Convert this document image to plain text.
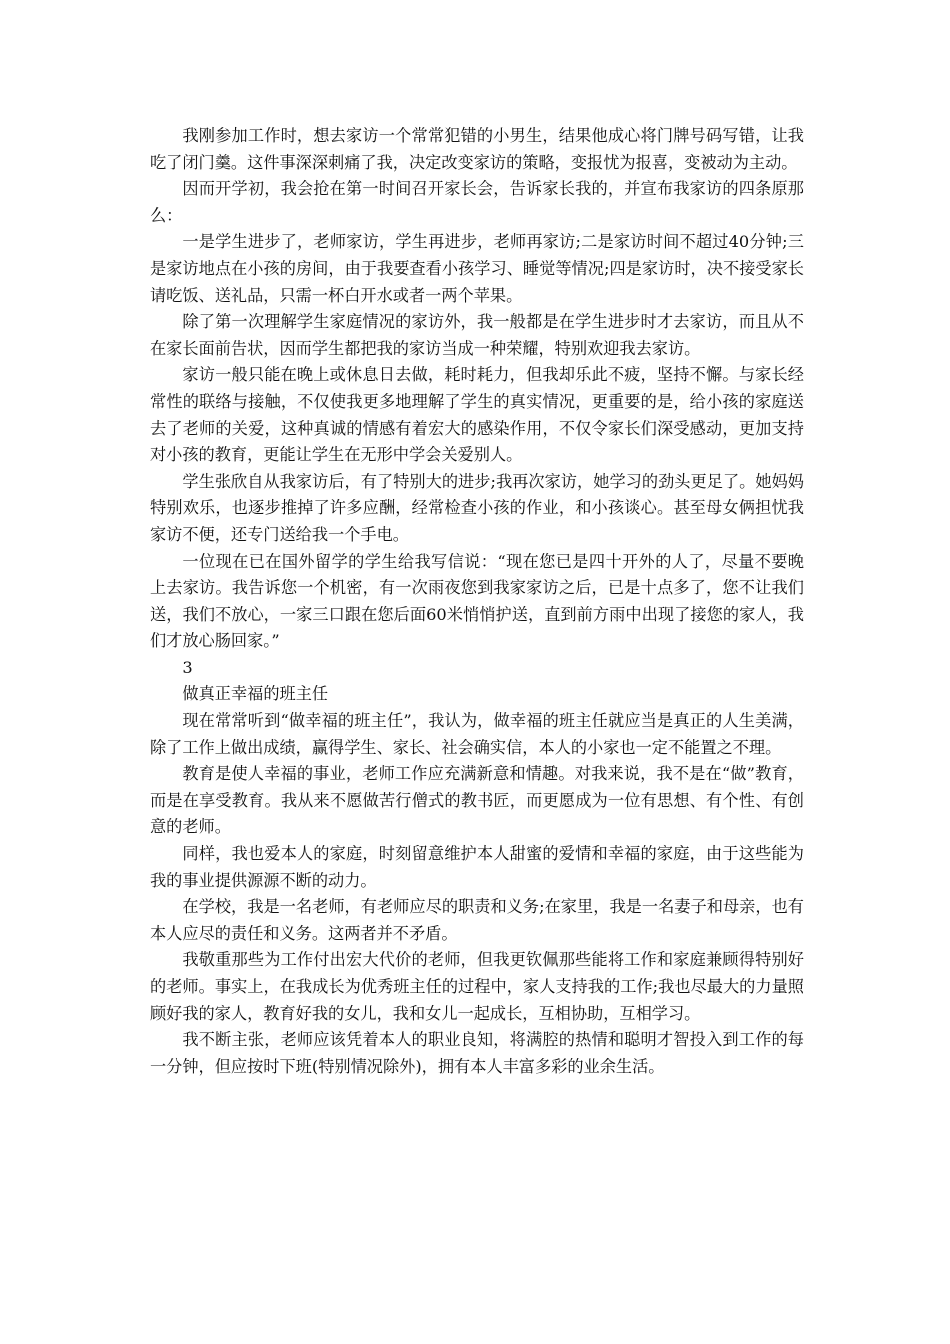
我刚参加工作时，想去家访一个常常犯错的小男生，结果他成心将门牌号码写错，让我吃了闭门羹。这件事深深刺痛了我，决定改变家访的策略，变报忧为报喜，变被动为主动。

因而开学初，我会抢在第一时间召开家长会，告诉家长我的，并宣布我家访的四条原那么：

一是学生进步了，老师家访，学生再进步，老师再家访;二是家访时间不超过40分钟;三是家访地点在小孩的房间，由于我要查看小孩学习、睡觉等情况;四是家访时，决不接受家长请吃饭、送礼品，只需一杯白开水或者一两个苹果。

除了第一次理解学生家庭情况的家访外，我一般都是在学生进步时才去家访，而且从不在家长面前告状，因而学生都把我的家访当成一种荣耀，特别欢迎我去家访。

家访一般只能在晚上或休息日去做，耗时耗力，但我却乐此不疲，坚持不懈。与家长经常性的联络与接触，不仅使我更多地理解了学生的真实情况，更重要的是，给小孩的家庭送去了老师的关爱，这种真诚的情感有着宏大的感染作用，不仅令家长们深受感动，更加支持对小孩的教育，更能让学生在无形中学会关爱别人。

学生张欣自从我家访后，有了特别大的进步;我再次家访，她学习的劲头更足了。她妈妈特别欢乐，也逐步推掉了许多应酬，经常检查小孩的作业，和小孩谈心。甚至母女俩担忧我家访不便，还专门送给我一个手电。

一位现在已在国外留学的学生给我写信说：“现在您已是四十开外的人了，尽量不要晚上去家访。我告诉您一个机密，有一次雨夜您到我家家访之后，已是十点多了，您不让我们送，我们不放心，一家三口跟在您后面60米悄悄护送，直到前方雨中出现了接您的家人，我们才放心肠回家。”

3

做真正幸福的班主任

现在常常听到“做幸福的班主任”，我认为，做幸福的班主任就应当是真正的人生美满，除了工作上做出成绩，赢得学生、家长、社会确实信，本人的小家也一定不能置之不理。

教育是使人幸福的事业，老师工作应充满新意和情趣。对我来说，我不是在“做”教育，而是在享受教育。我从来不愿做苦行僧式的教书匠，而更愿成为一位有思想、有个性、有创意的老师。

同样，我也爱本人的家庭，时刻留意维护本人甜蜜的爱情和幸福的家庭，由于这些能为我的事业提供源源不断的动力。

在学校，我是一名老师，有老师应尽的职责和义务;在家里，我是一名妻子和母亲，也有本人应尽的责任和义务。这两者并不矛盾。

我敬重那些为工作付出宏大代价的老师，但我更钦佩那些能将工作和家庭兼顾得特别好的老师。事实上，在我成长为优秀班主任的过程中，家人支持我的工作;我也尽最大的力量照顾好我的家人，教育好我的女儿，我和女儿一起成长，互相协助，互相学习。

我不断主张，老师应该凭着本人的职业良知，将满腔的热情和聪明才智投入到工作的每一分钟，但应按时下班(特别情况除外)，拥有本人丰富多彩的业余生活。
